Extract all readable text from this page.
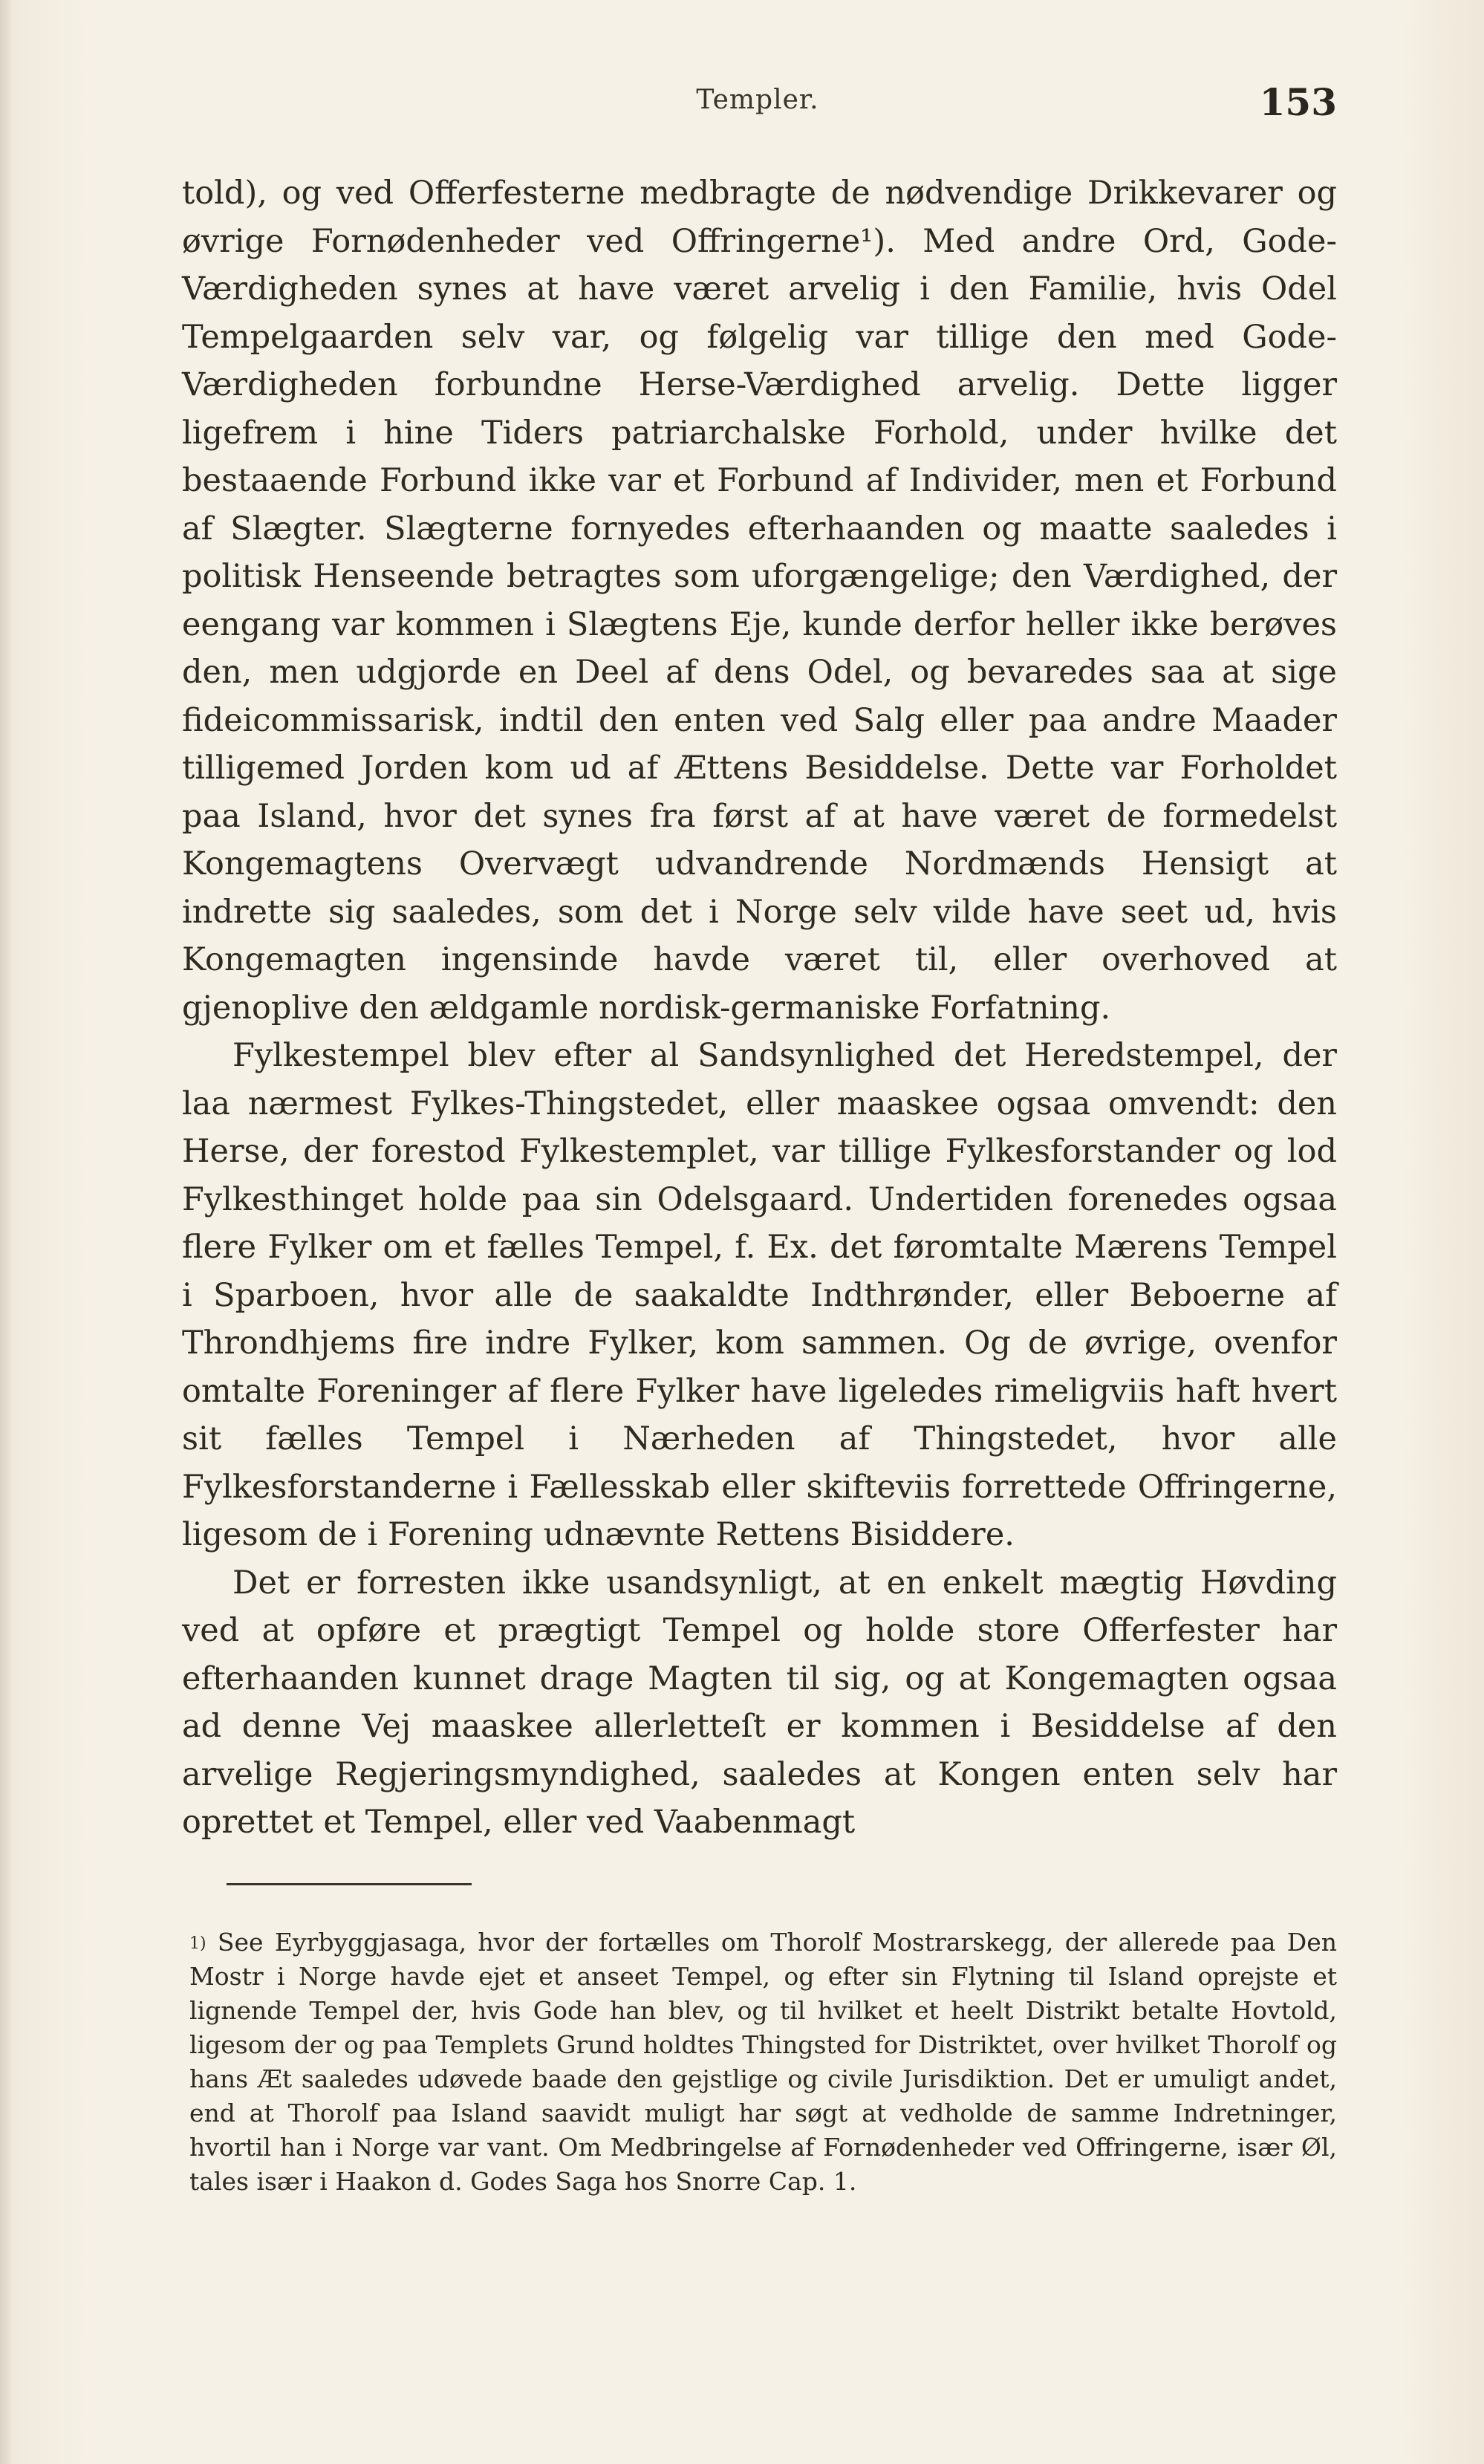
Templer.	153

told), og ved Offerfesterne medbragte de nødvendige Drikkevarer og øvrige Fornødenheder ved Offringerne¹). Med andre Ord, Gode-Værdigheden synes at have været arvelig i den Familie, hvis Odel Tempelgaarden selv var, og følgelig var tillige den med Gode-Værdigheden forbundne Herse-Værdighed arvelig. Dette ligger ligefrem i hine Tiders patriarchalske Forhold, under hvilke det bestaaende Forbund ikke var et Forbund af Individer, men et Forbund af Slægter. Slægterne fornyedes efterhaanden og maatte saaledes i politisk Henseende betragtes som uforgængelige; den Værdighed, der eengang var kommen i Slægtens Eje, kunde derfor heller ikke berøves den, men udgjorde en Deel af dens Odel, og bevaredes saa at sige fideicommissarisk, indtil den enten ved Salg eller paa andre Maader tilligemed Jorden kom ud af Ættens Besiddelse. Dette var Forholdet paa Island, hvor det synes fra først af at have været de formedelst Kongemagtens Overvægt udvandrende Nordmænds Hensigt at indrette sig saaledes, som det i Norge selv vilde have seet ud, hvis Kongemagten ingensinde havde været til, eller overhoved at gjenoplive den ældgamle nordisk-germaniske Forfatning.

Fylkestempel blev efter al Sandsynlighed det Heredstempel, der laa nærmest Fylkes-Thingstedet, eller maaskee ogsaa omvendt: den Herse, der forestod Fylkestemplet, var tillige Fylkesforstander og lod Fylkesthinget holde paa sin Odelsgaard. Undertiden forenedes ogsaa flere Fylker om et fælles Tempel, f. Ex. det føromtalte Mærens Tempel i Sparboen, hvor alle de saakaldte Indthrønder, eller Beboerne af Throndhjems fire indre Fylker, kom sammen. Og de øvrige, ovenfor omtalte Foreninger af flere Fylker have ligeledes rimeligviis haft hvert sit fælles Tempel i Nærheden af Thingstedet, hvor alle Fylkesforstanderne i Fællesskab eller skifteviis forrettede Offringerne, ligesom de i Forening udnævnte Rettens Bisiddere.

Det er forresten ikke usandsynligt, at en enkelt mægtig Høvding ved at opføre et prægtigt Tempel og holde store Offerfester har efterhaanden kunnet drage Magten til sig, og at Kongemagten ogsaa ad denne Vej maaskee allerletteſt er kommen i Besiddelse af den arvelige Regjeringsmyndighed, saaledes at Kongen enten selv har oprettet et Tempel, eller ved Vaabenmagt

$^{1)}$ See Eyrbyggjasaga, hvor der fortælles om Thorolf Mostrarskegg, der allerede paa Den Mostr i Norge havde ejet et anseet Tempel, og efter sin Flytning til Island oprejste et lignende Tempel der, hvis Gode han blev, og til hvilket et heelt Distrikt betalte Hovtold, ligesom der og paa Templets Grund holdtes Thingsted for Distriktet, over hvilket Thorolf og hans Æt saaledes udøvede baade den gejstlige og civile Jurisdiktion. Det er umuligt andet, end at Thorolf paa Island saavidt muligt har søgt at vedholde de samme Indretninger, hvortil han i Norge var vant. Om Medbringelse af Fornødenheder ved Offringerne, især Øl, tales især i Haakon d. Godes Saga hos Snorre Cap. 1.
